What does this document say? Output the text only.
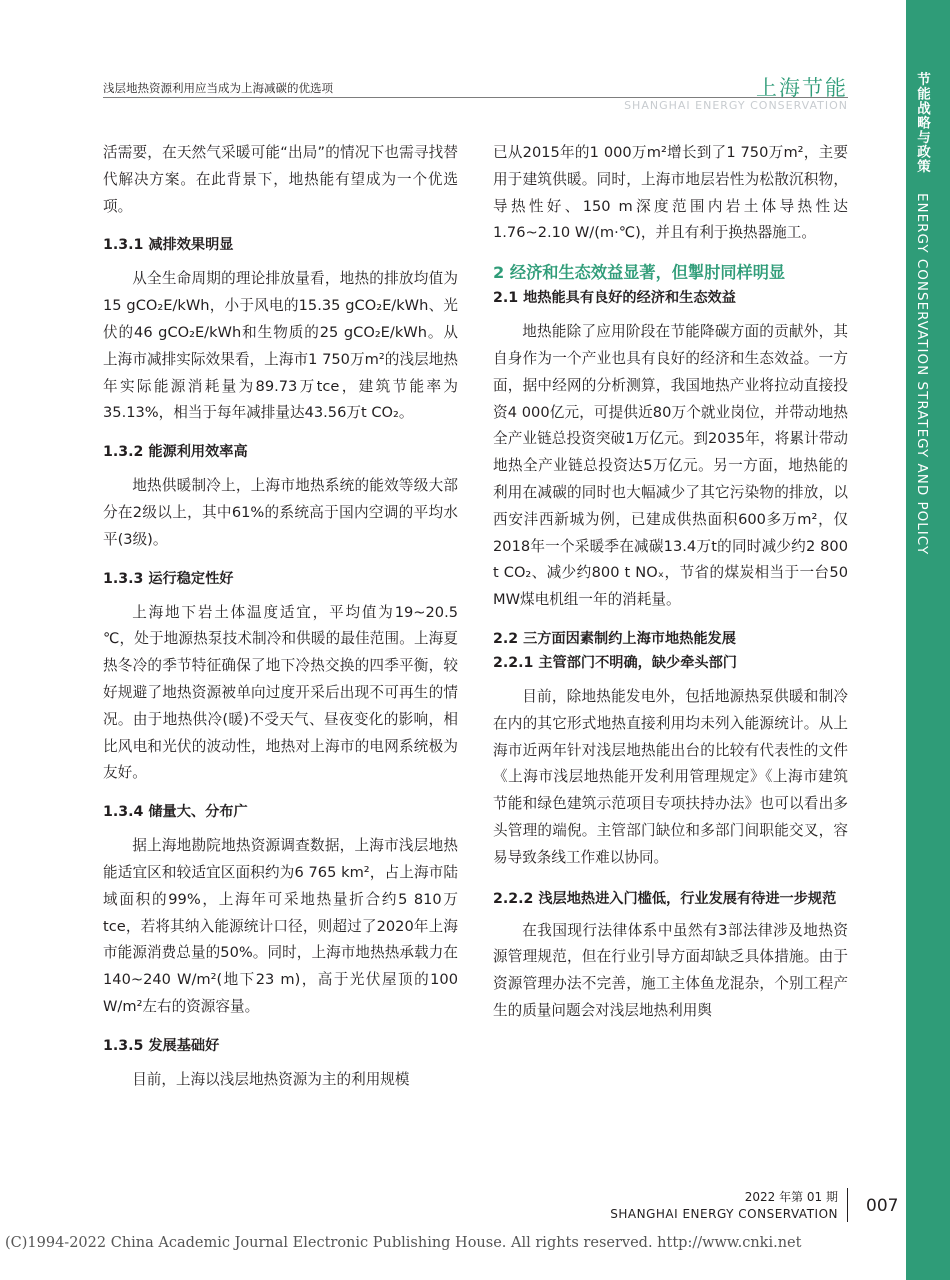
浅层地热资源利用应当成为上海减碳的优选项	上海节能
SHANGHAI ENERGY CONSERVATION	节能战略与政策 ENERGY CONSERVATION STRATEGY AND POLICY

活需要，在天然气采暖可能“出局”的情况下也需寻找替代解决方案。在此背景下，地热能有望成为一个优选项。

1.3.1 减排效果明显

从全生命周期的理论排放量看，地热的排放均值为15 gCO₂E/kWh，小于风电的15.35 gCO₂E/kWh、光伏的46 gCO₂E/kWh和生物质的25 gCO₂E/kWh。从上海市减排实际效果看，上海市1 750万m²的浅层地热年实际能源消耗量为89.73万tce，建筑节能率为35.13%，相当于每年减排量达43.56万t CO₂。

1.3.2 能源利用效率高

地热供暖制冷上，上海市地热系统的能效等级大部分在2级以上，其中61%的系统高于国内空调的平均水平(3级)。

1.3.3 运行稳定性好

上海地下岩土体温度适宜，平均值为19~20.5 ℃，处于地源热泵技术制冷和供暖的最佳范围。上海夏热冬冷的季节特征确保了地下冷热交换的四季平衡，较好规避了地热资源被单向过度开采后出现不可再生的情况。由于地热供冷(暖)不受天气、昼夜变化的影响，相比风电和光伏的波动性，地热对上海市的电网系统极为友好。

1.3.4 储量大、分布广

据上海地勘院地热资源调查数据，上海市浅层地热能适宜区和较适宜区面积约为6 765 km²，占上海市陆域面积的99%，上海年可采地热量折合约5 810万tce，若将其纳入能源统计口径，则超过了2020年上海市能源消费总量的50%。同时，上海市地热热承载力在140~240 W/m²(地下23 m)，高于光伏屋顶的100 W/m²左右的资源容量。

1.3.5 发展基础好

目前，上海以浅层地热资源为主的利用规模

已从2015年的1 000万m²增长到了1 750万m²，主要用于建筑供暖。同时，上海市地层岩性为松散沉积物，导热性好、150 m深度范围内岩土体导热性达1.76~2.10 W/(m·℃)，并且有利于换热器施工。

2 经济和生态效益显著，但掣肘同样明显
2.1 地热能具有良好的经济和生态效益

地热能除了应用阶段在节能降碳方面的贡献外，其自身作为一个产业也具有良好的经济和生态效益。一方面，据中经网的分析测算，我国地热产业将拉动直接投资4 000亿元，可提供近80万个就业岗位，并带动地热全产业链总投资突破1万亿元。到2035年，将累计带动地热全产业链总投资达5万亿元。另一方面，地热能的利用在减碳的同时也大幅减少了其它污染物的排放，以西安沣西新城为例，已建成供热面积600多万m²，仅2018年一个采暖季在减碳13.4万t的同时减少约2 800 t CO₂、减少约800 t NOₓ，节省的煤炭相当于一台50 MW煤电机组一年的消耗量。

2.2 三方面因素制约上海市地热能发展
2.2.1 主管部门不明确，缺少牵头部门

目前，除地热能发电外，包括地源热泵供暖和制冷在内的其它形式地热直接利用均未列入能源统计。从上海市近两年针对浅层地热能出台的比较有代表性的文件《上海市浅层地热能开发利用管理规定》《上海市建筑节能和绿色建筑示范项目专项扶持办法》也可以看出多头管理的端倪。主管部门缺位和多部门间职能交叉，容易导致条线工作难以协同。

2.2.2 浅层地热进入门槛低，行业发展有待进一步规范

在我国现行法律体系中虽然有3部法律涉及地热资源管理规范，但在行业引导方面却缺乏具体措施。由于资源管理办法不完善，施工主体鱼龙混杂，个别工程产生的质量问题会对浅层地热利用舆

2022 年第 01 期
SHANGHAI ENERGY CONSERVATION 007
(C)1994-2022 China Academic Journal Electronic Publishing House. All rights reserved. http://www.cnki.net
